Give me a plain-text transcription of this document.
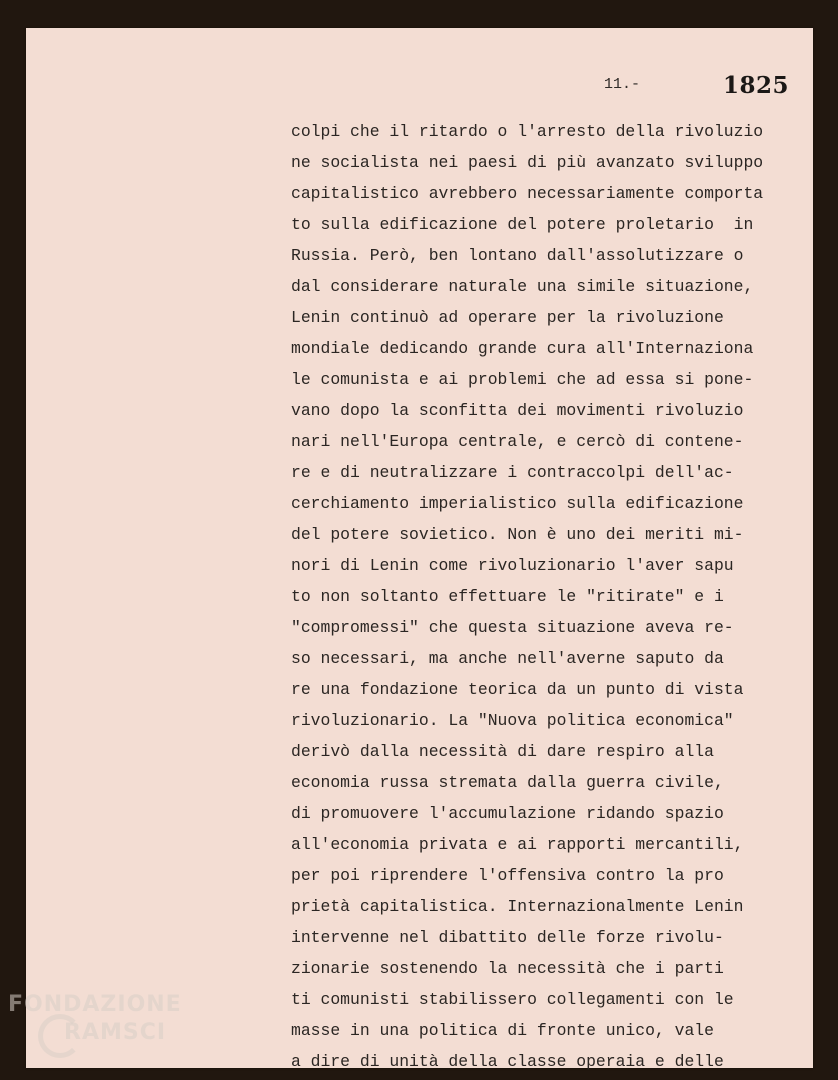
11.-	1825
colpi che il ritardo o l'arresto della rivoluzio
ne socialista nei paesi di più avanzato sviluppo
capitalistico avrebbero necessariamente comporta
to sulla edificazione del potere proletario  in
Russia. Però, ben lontano dall'assolutizzare o
dal considerare naturale una simile situazione,
Lenin continuò ad operare per la rivoluzione
mondiale dedicando grande cura all'Internaziona
le comunista e ai problemi che ad essa si pone-
vano dopo la sconfitta dei movimenti rivoluzio
nari nell'Europa centrale, e cercò di contene-
re e di neutralizzare i contraccolpi dell'ac-
cerchiamento imperialistico sulla edificazione
del potere sovietico. Non è uno dei meriti mi-
nori di Lenin come rivoluzionario l'aver sapu
to non soltanto effettuare le "ritirate" e i
"compromessi" che questa situazione aveva re-
so necessari, ma anche nell'averne saputo da
re una fondazione teorica da un punto di vista
rivoluzionario. La "Nuova politica economica"
derivò dalla necessità di dare respiro alla
economia russa stremata dalla guerra civile,
di promuovere l'accumulazione ridando spazio
all'economia privata e ai rapporti mercantili,
per poi riprendere l'offensiva contro la pro
prietà capitalistica. Internazionalmente Lenin
intervenne nel dibattito delle forze rivolu-
zionarie sostenendo la necessità che i parti
ti comunisti stabilissero collegamenti con le
masse in una politica di fronte unico, vale
a dire di unità della classe operaia e delle
FONDAZIONE
RAMSCI
